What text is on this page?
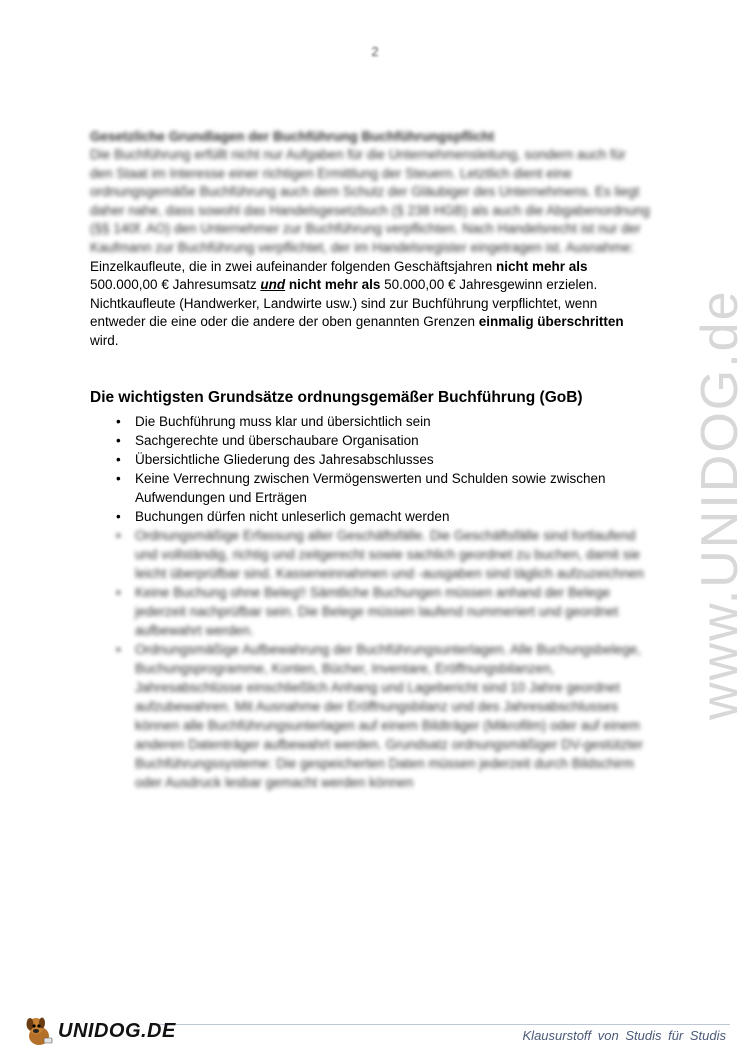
2

Gesetzliche Grundlagen der Buchführung Buchführungspflicht

Die Buchführung erfüllt nicht nur Aufgaben für die Unternehmensleitung, sondern auch für

den Staat im Interesse einer richtigen Ermittlung der Steuern. Letztlich dient eine

ordnungsgemäße Buchführung auch dem Schutz der Gläubiger des Unternehmens. Es liegt

daher nahe, dass sowohl das Handelsgesetzbuch (§ 238 HGB) als auch die Abgabenordnung

(§§ 140f. AO) den Unternehmer zur Buchführung verpflichten. Nach Handelsrecht ist nur der

Kaufmann zur Buchführung verpflichtet, der im Handelsregister eingetragen ist. Ausnahme:

Einzelkaufleute, die in zwei aufeinander folgenden Geschäftsjahren nicht mehr als

500.000,00 € Jahresumsatz und nicht mehr als 50.000,00 € Jahresgewinn erzielen.

Nichtkaufleute (Handwerker, Landwirte usw.) sind zur Buchführung verpflichtet, wenn

entweder die eine oder die andere der oben genannten Grenzen einmalig überschritten

wird.

Die wichtigsten Grundsätze ordnungsgemäßer Buchführung (GoB)

• Die Buchführung muss klar und übersichtlich sein
• Sachgerechte und überschaubare Organisation
• Übersichtliche Gliederung des Jahresabschlusses
• Keine Verrechnung zwischen Vermögenswerten und Schulden sowie zwischen
Aufwendungen und Erträgen
• Buchungen dürfen nicht unleserlich gemacht werden
• Ordnungsmäßige Erfassung aller Geschäftsfälle. Die Geschäftsfälle sind fortlaufend und vollständig, richtig und zeitgerecht sowie sachlich geordnet zu buchen, damit sie leicht überprüfbar sind. Kasseneinnahmen und -ausgaben sind täglich aufzuzeichnen
• Keine Buchung ohne Beleg!! Sämtliche Buchungen müssen anhand der Belege jederzeit nachprüfbar sein. Die Belege müssen laufend nummeriert und geordnet aufbewahrt werden.
• Ordnungsmäßige Aufbewahrung der Buchführungsunterlagen. Alle Buchungsbelege, Buchungsprogramme, Konten, Bücher, Inventare, Eröffnungsbilanzen, Jahresabschlüsse einschließlich Anhang und Lagebericht sind 10 Jahre geordnet aufzubewahren. Mit Ausnahme der Eröffnungsbilanz und des Jahresabschlusses können alle Buchführungsunterlagen auf einem Bildträger (Mikrofilm) oder auf einem anderen Datenträger aufbewahrt werden. Grundsatz ordnungsmäßiger DV-gestützter Buchführungssysteme: Die gespeicherten Daten müssen jederzeit durch Bildschirm oder Ausdruck lesbar gemacht werden können
www.UNIDOG.de
UNIDOG.DE	Klausurstoff von Studis für Studis
